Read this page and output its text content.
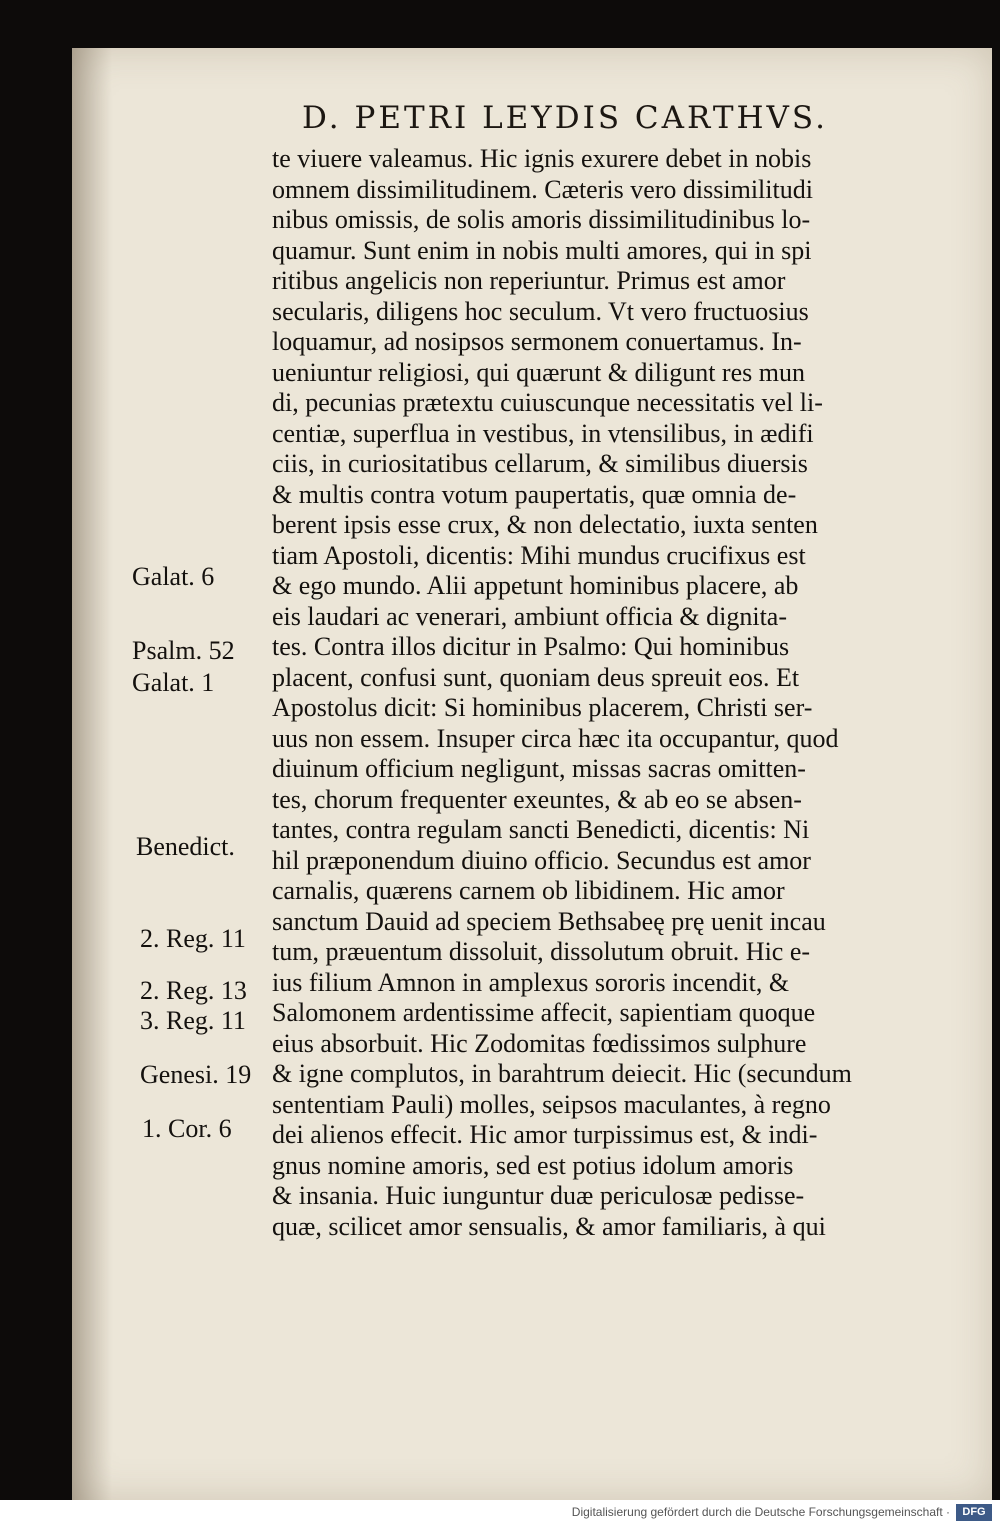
D. PETRI LEYDIS CARTHVS.
te viuere valeamus. Hic ignis exurere debet in nobis
omnem dissimilitudinem. Cæteris vero dissimilitudi
nibus omissis, de solis amoris dissimilitudinibus lo-
quamur. Sunt enim in nobis multi amores, qui in spi
ritibus angelicis non reperiuntur. Primus est amor
secularis, diligens hoc seculum. Vt vero fructuosius
loquamur, ad nosipsos sermonem conuertamus. In-
ueniuntur religiosi, qui quærunt & diligunt res mun
di, pecunias prætextu cuiuscunque necessitatis vel li-
centiæ, superflua in vestibus, in vtensilibus, in ædifi
ciis, in curiositatibus cellarum, & similibus diuersis
& multis contra votum paupertatis, quæ omnia de-
berent ipsis esse crux, & non delectatio, iuxta senten
tiam Apostoli, dicentis: Mihi mundus crucifixus est
& ego mundo. Alii appetunt hominibus placere, ab
eis laudari ac venerari, ambiunt officia & dignita-
tes. Contra illos dicitur in Psalmo: Qui hominibus
placent, confusi sunt, quoniam deus spreuit eos. Et
Apostolus dicit: Si hominibus placerem, Christi ser-
uus non essem. Insuper circa hæc ita occupantur, quod
diuinum officium negligunt, missas sacras omitten-
tes, chorum frequenter exeuntes, & ab eo se absen-
tantes, contra regulam sancti Benedicti, dicentis: Ni
hil præponendum diuino officio. Secundus est amor
carnalis, quærens carnem ob libidinem. Hic amor
sanctum Dauid ad speciem Bethsabeę prę uenit incau
tum, præuentum dissoluit, dissolutum obruit. Hic e-
ius filium Amnon in amplexus sororis incendit, &
Salomonem ardentissime affecit, sapientiam quoque
eius absorbuit. Hic Zodomitas fœdissimos sulphure
& igne complutos, in barahtrum deiecit. Hic (secundum
sententiam Pauli) molles, seipsos maculantes, à regno
dei alienos effecit. Hic amor turpissimus est, & indi-
gnus nomine amoris, sed est potius idolum amoris
& insania. Huic iunguntur duæ periculosæ pedisse-
quæ, scilicet amor sensualis, & amor familiaris, à qui
Galat. 6
Psalm. 52
Galat. 1
Benedict.
2. Reg. 11
2. Reg. 13
3. Reg. 11
Genesi. 19
1. Cor. 6
Digitalisierung gefördert durch die Deutsche Forschungsgemeinschaft ·	DFG
